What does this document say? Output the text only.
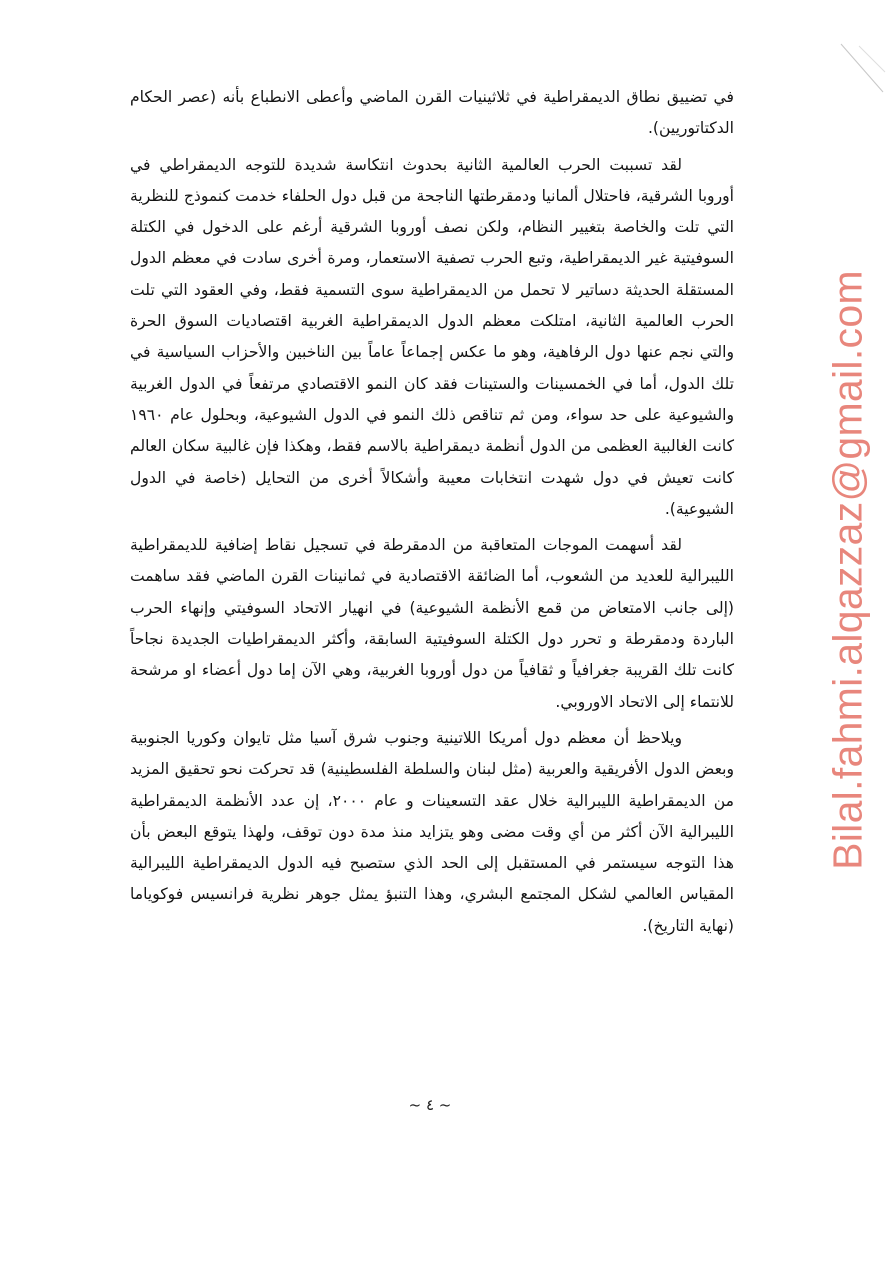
في تضييق نطاق الديمقراطية في ثلاثينيات القرن الماضي وأعطى الانطباع بأنه (عصر الحكام الدكتاتوريين).

لقد تسببت الحرب العالمية الثانية بحدوث انتكاسة شديدة للتوجه الديمقراطي في أوروبا الشرقية، فاحتلال ألمانيا ودمقرطتها الناجحة من قبل دول الحلفاء خدمت كنموذج للنظرية التي تلت والخاصة بتغيير النظام، ولكن نصف أوروبا الشرقية أرغم على الدخول في الكتلة السوفيتية غير الديمقراطية، وتبع الحرب تصفية الاستعمار، ومرة أخرى سادت في معظم الدول المستقلة الحديثة دساتير لا تحمل من الديمقراطية سوى التسمية فقط، وفي العقود التي تلت الحرب العالمية الثانية، امتلكت معظم الدول الديمقراطية الغربية اقتصاديات السوق الحرة والتي نجم عنها دول الرفاهية، وهو ما عكس إجماعاً عاماً بين الناخبين والأحزاب السياسية في تلك الدول، أما في الخمسينات والستينات فقد كان النمو الاقتصادي مرتفعاً في الدول الغربية والشيوعية على حد سواء، ومن ثم تناقص ذلك النمو في الدول الشيوعية، وبحلول عام ١٩٦٠ كانت الغالبية العظمى من الدول أنظمة ديمقراطية بالاسم فقط، وهكذا فإن غالبية سكان العالم كانت تعيش في دول شهدت انتخابات معيبة وأشكالاً أخرى من التحايل (خاصة في الدول الشيوعية).

لقد أسهمت الموجات المتعاقبة من الدمقرطة في تسجيل نقاط إضافية للديمقراطية الليبرالية للعديد من الشعوب، أما الضائقة الاقتصادية في ثمانينات القرن الماضي فقد ساهمت (إلى جانب الامتعاض من قمع الأنظمة الشيوعية) في انهيار الاتحاد السوفيتي وإنهاء الحرب الباردة ودمقرطة و تحرر دول الكتلة السوفيتية السابقة، وأكثر الديمقراطيات الجديدة نجاحاً كانت تلك القريبة جغرافياً و ثقافياً من دول أوروبا الغربية، وهي الآن إما دول أعضاء او مرشحة للانتماء إلى الاتحاد الاوروبي.

ويلاحظ أن معظم دول أمريكا اللاتينية وجنوب شرق آسيا مثل تايوان وكوريا الجنوبية وبعض الدول الأفريقية والعربية (مثل لبنان والسلطة الفلسطينية) قد تحركت نحو تحقيق المزيد من الديمقراطية الليبرالية خلال عقد التسعينات و عام ٢٠٠٠، إن عدد الأنظمة الديمقراطية الليبرالية الآن أكثر من أي وقت مضى وهو يتزايد منذ مدة دون توقف، ولهذا يتوقع البعض بأن هذا التوجه سيستمر في المستقبل إلى الحد الذي ستصبح فيه الدول الديمقراطية الليبرالية المقياس العالمي لشكل المجتمع البشري، وهذا التنبؤ يمثل جوهر نظرية فرانسيس فوكوياما (نهاية التاريخ).

~ ٤ ~
Bilal.fahmi.alqazzaz@gmail.com
